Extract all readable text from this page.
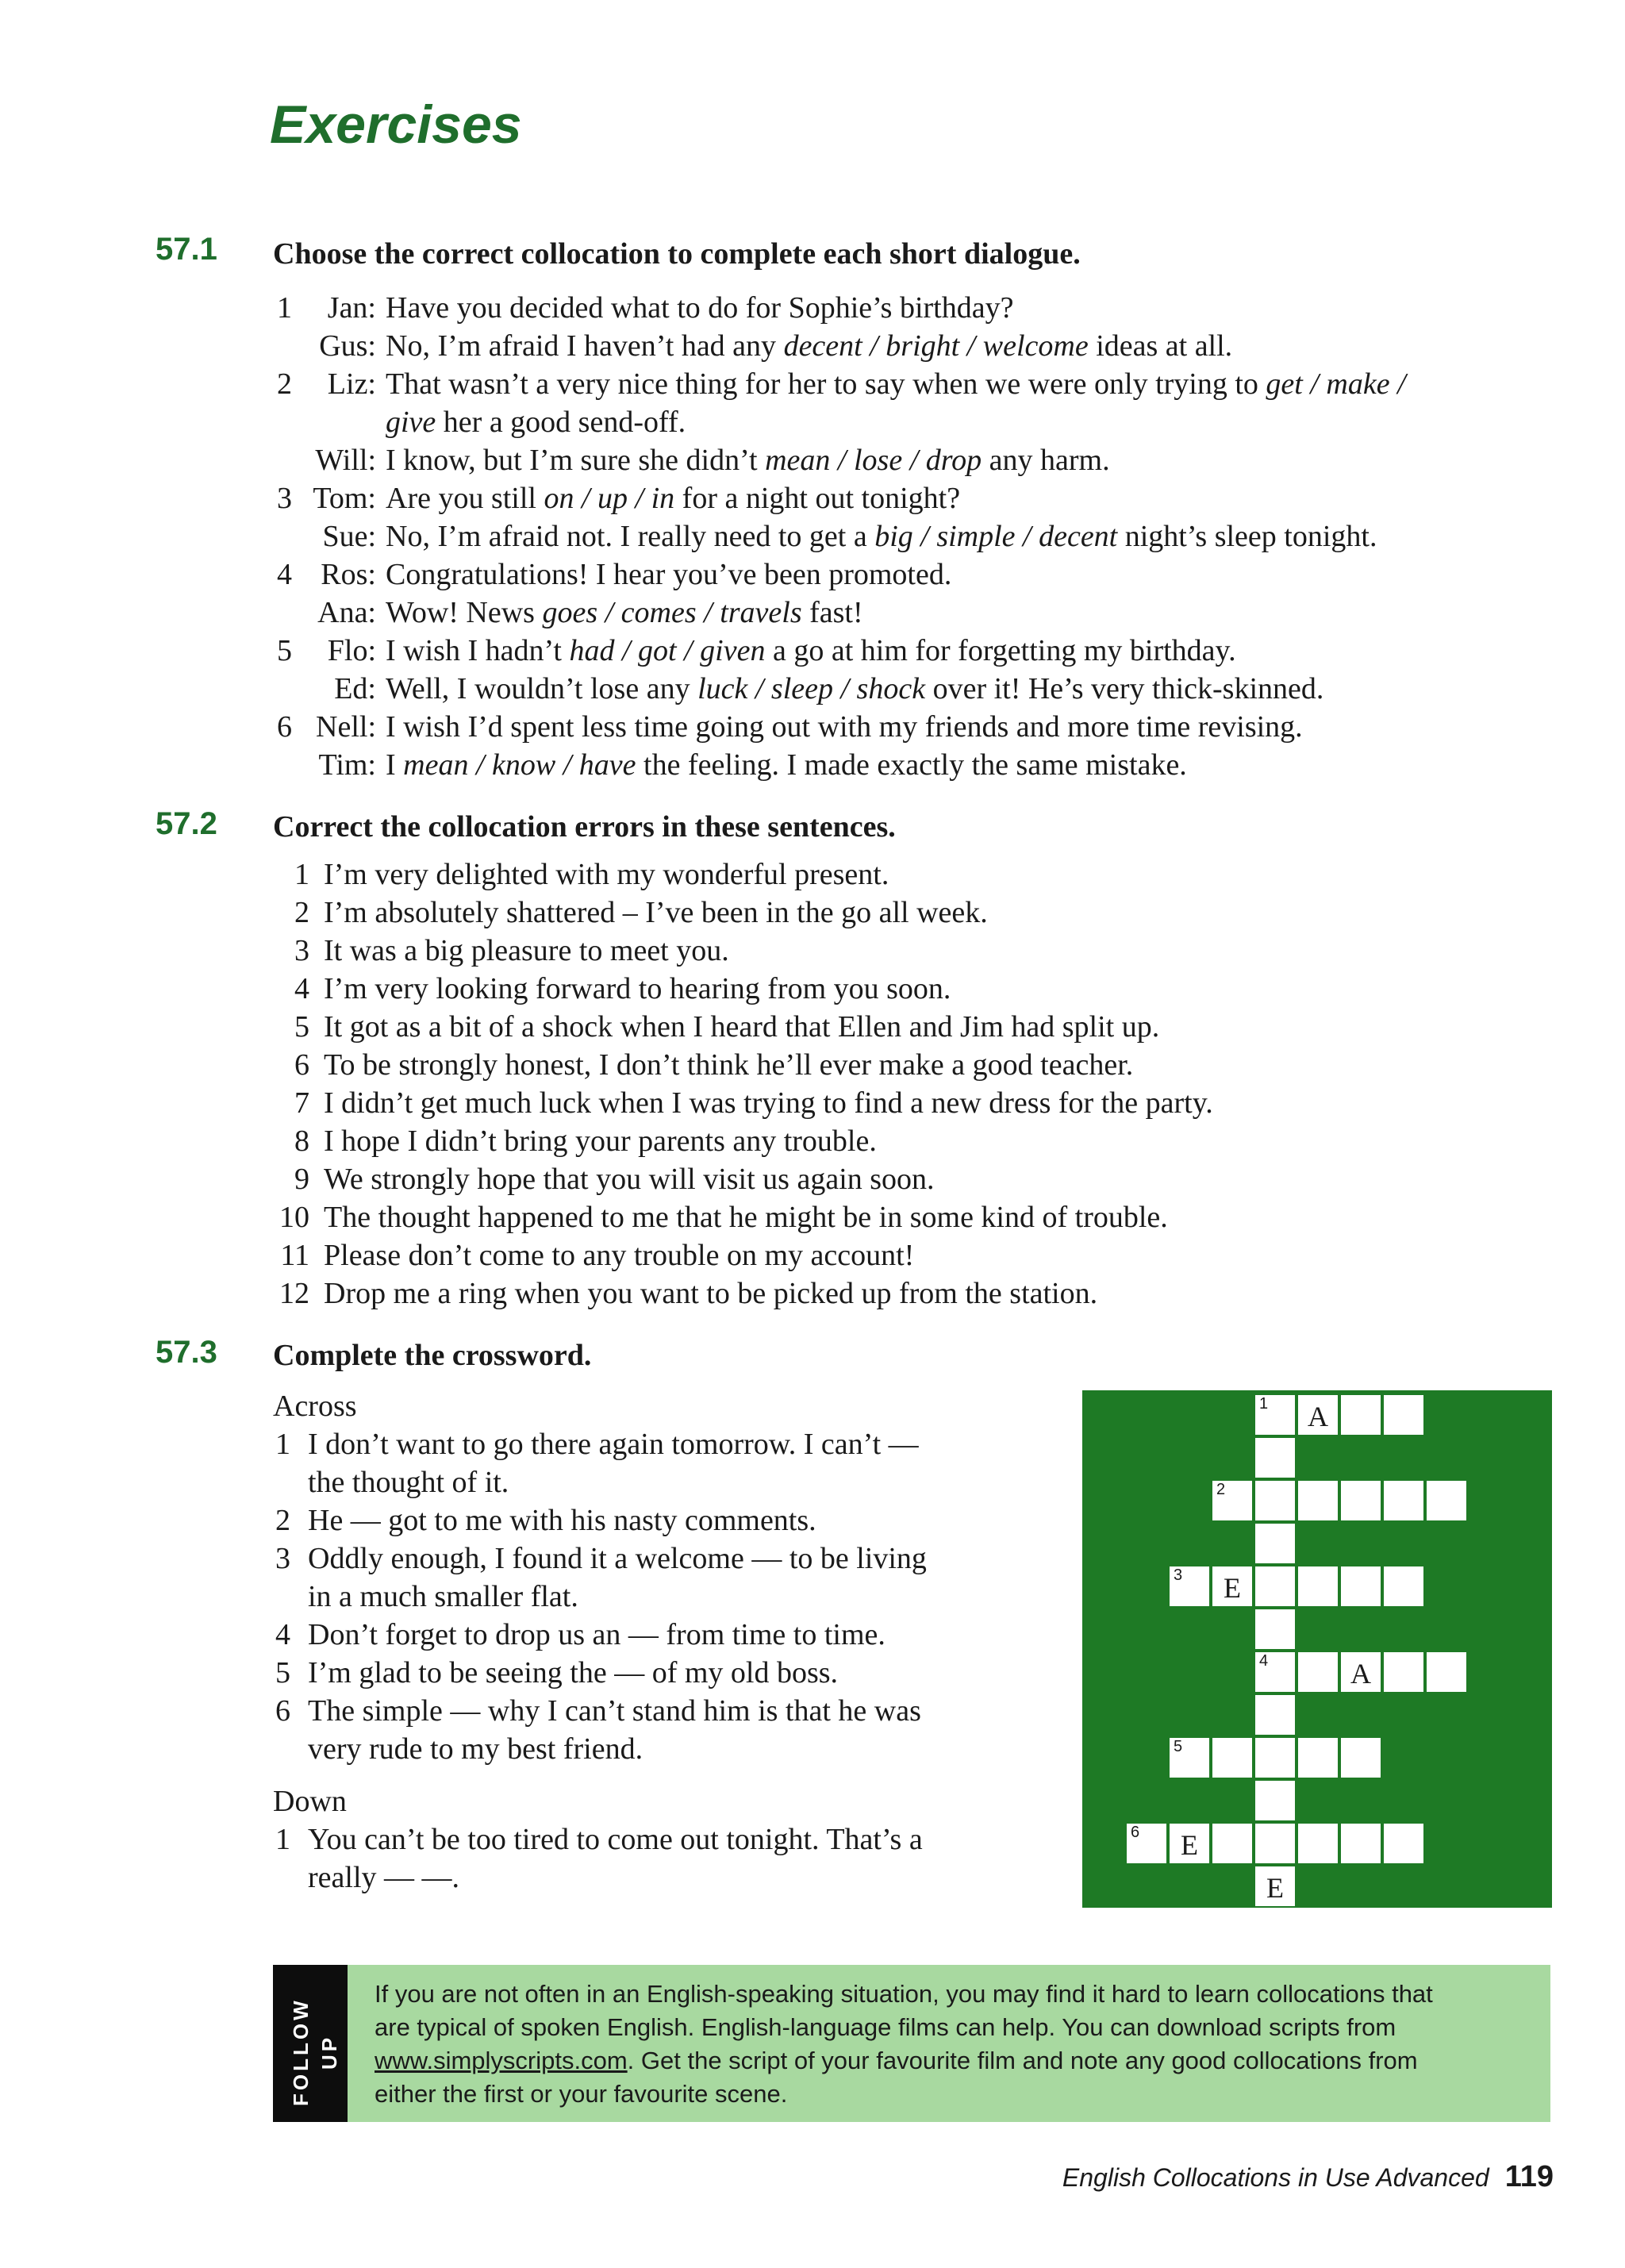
Exercises
57.1 Choose the correct collocation to complete each short dialogue.
1	Jan: Have you decided what to do for Sophie’s birthday?
Gus: No, I’m afraid I haven’t had any decent / bright / welcome ideas at all.
2	Liz: That wasn’t a very nice thing for her to say when we were only trying to get / make /
give her a good send-off.
Will: I know, but I’m sure she didn’t mean / lose / drop any harm.
3 Tom: Are you still on / up / in for a night out tonight?
Sue: No, I’m afraid not. I really need to get a big / simple / decent night’s sleep tonight.
4 Ros: Congratulations! I hear you’ve been promoted.
Ana: Wow! News goes / comes / travels fast!
5	Flo: I wish I hadn’t had / got / given a go at him for forgetting my birthday.
Ed: Well, I wouldn’t lose any luck / sleep / shock over it! He’s very thick-skinned.
6 Nell: I wish I’d spent less time going out with my friends and more time revising.
Tim: I mean / know / have the feeling. I made exactly the same mistake.
57.2 Correct the collocation errors in these sentences.
1 I’m very delighted with my wonderful present.
2 I’m absolutely shattered – I’ve been in the go all week.
3 It was a big pleasure to meet you.
4 I’m very looking forward to hearing from you soon.
5 It got as a bit of a shock when I heard that Ellen and Jim had split up.
6 To be strongly honest, I don’t think he’ll ever make a good teacher.
7 I didn’t get much luck when I was trying to find a new dress for the party.
8 I hope I didn’t bring your parents any trouble.
9 We strongly hope that you will visit us again soon.
10 The thought happened to me that he might be in some kind of trouble.
11 Please don’t come to any trouble on my account!
12 Drop me a ring when you want to be picked up from the station.
57.3 Complete the crossword.
Across
1 I don’t want to go there again tomorrow. I can’t —
the thought of it.
2 He — got to me with his nasty comments.
3 Oddly enough, I found it a welcome — to be living
in a much smaller flat.
4 Don’t forget to drop us an — from time to time.
5 I’m glad to be seeing the — of my old boss.
6 The simple — why I can’t stand him is that he was
very rude to my best friend.
Down
1 You can’t be too tired to come out tonight. That’s a
really — —.
1	A
2
3	E
4	A
5
6	E
E
FOLLOW UP
If you are not often in an English-speaking situation, you may find it hard to learn collocations that
are typical of spoken English. English-language films can help. You can download scripts from
www.simplyscripts.com. Get the script of your favourite film and note any good collocations from
either the first or your favourite scene.
English Collocations in Use Advanced 119
